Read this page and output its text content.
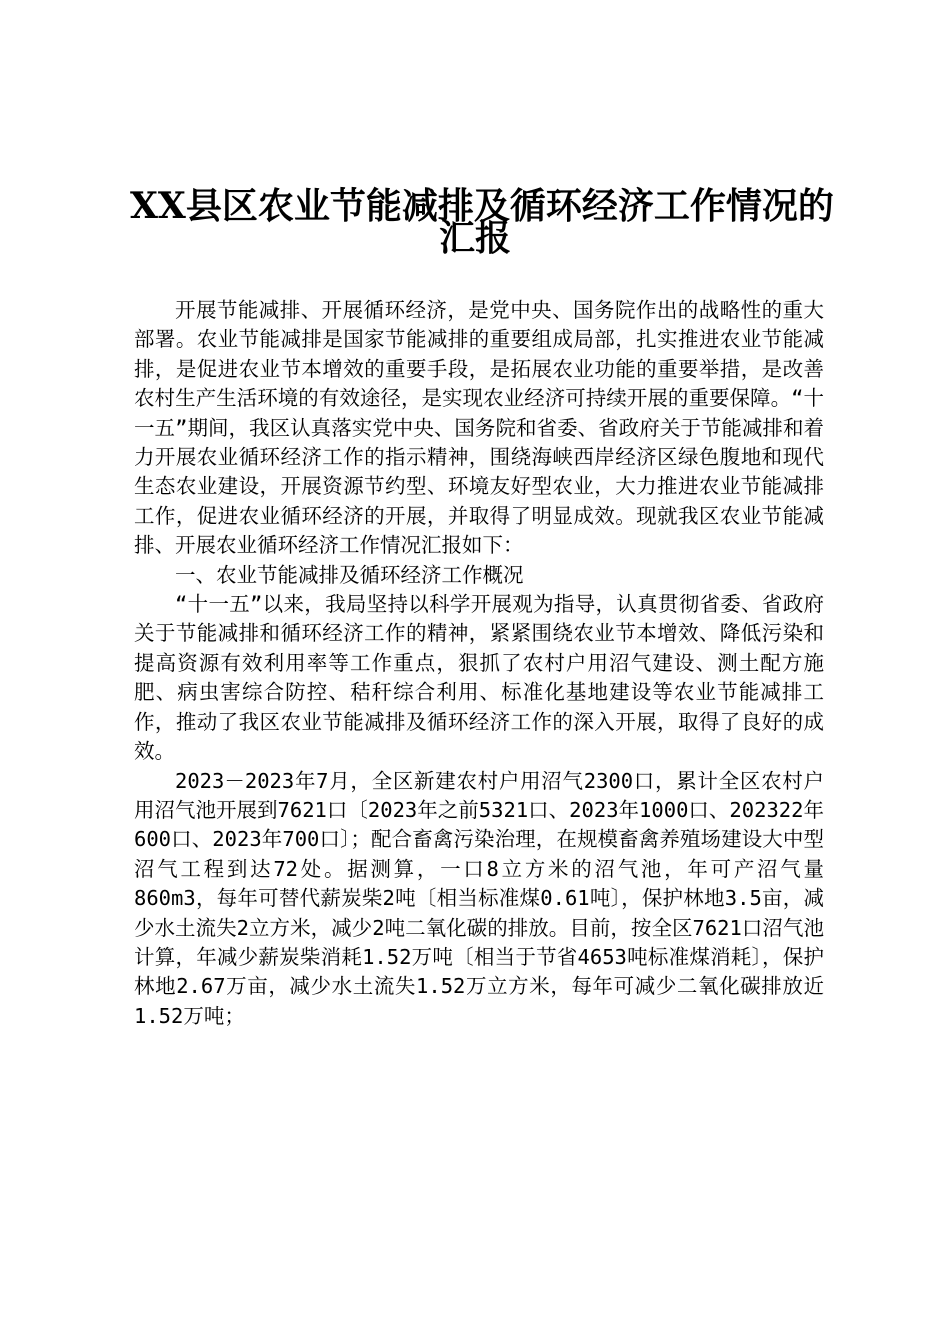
XX县区农业节能减排及循环经济工作情况的
汇报

开展节能减排、开展循环经济，是党中央、国务院作出的战略性的重大部署。农业节能减排是国家节能减排的重要组成局部，扎实推进农业节能减排，是促进农业节本增效的重要手段，是拓展农业功能的重要举措，是改善农村生产生活环境的有效途径，是实现农业经济可持续开展的重要保障。“十一五”期间，我区认真落实党中央、国务院和省委、省政府关于节能减排和着力开展农业循环经济工作的指示精神，围绕海峡西岸经济区绿色腹地和现代生态农业建设，开展资源节约型、环境友好型农业，大力推进农业节能减排工作，促进农业循环经济的开展，并取得了明显成效。现就我区农业节能减排、开展农业循环经济工作情况汇报如下：

一、农业节能减排及循环经济工作概况

“十一五”以来，我局坚持以科学开展观为指导，认真贯彻省委、省政府关于节能减排和循环经济工作的精神，紧紧围绕农业节本增效、降低污染和提高资源有效利用率等工作重点，狠抓了农村户用沼气建设、测土配方施肥、病虫害综合防控、秸秆综合利用、标准化基地建设等农业节能减排工作，推动了我区农业节能减排及循环经济工作的深入开展，取得了良好的成效。

2023－2023年7月，全区新建农村户用沼气2300口，累计全区农村户用沼气池开展到7621口〔2023年之前5321口、2023年1000口、202322年600口、2023年700口〕；配合畜禽污染治理，在规模畜禽养殖场建设大中型沼气工程到达72处。据测算，一口8立方米的沼气池，年可产沼气量860m3，每年可替代薪炭柴2吨〔相当标准煤0.61吨〕，保护林地3.5亩，减少水土流失2立方米，减少2吨二氧化碳的排放。目前，按全区7621口沼气池计算，年减少薪炭柴消耗1.52万吨〔相当于节省4653吨标准煤消耗〕，保护林地2.67万亩，减少水土流失1.52万立方米，每年可减少二氧化碳排放近1.52万吨；
